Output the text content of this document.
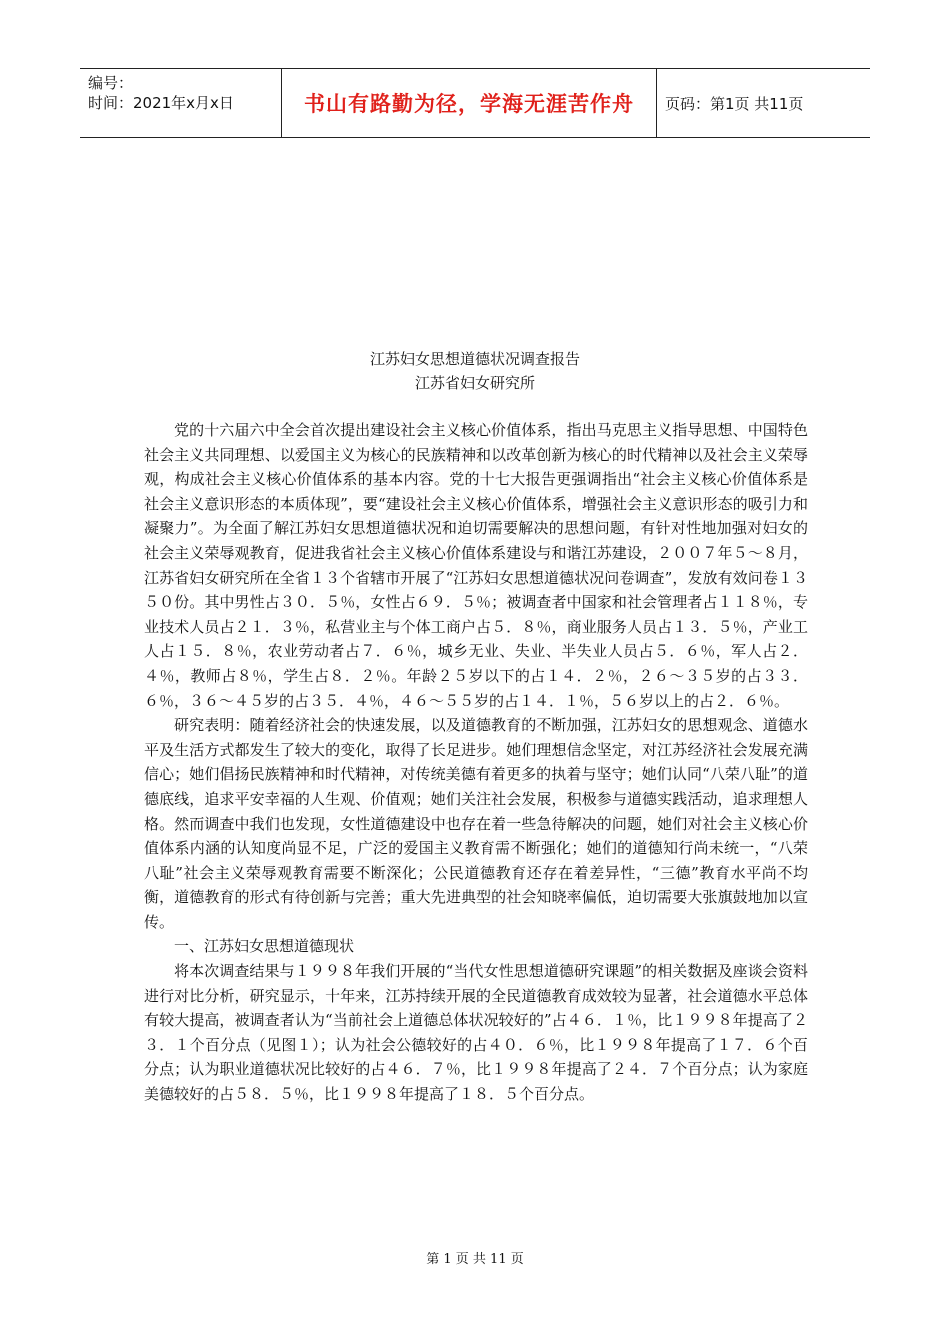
编号：
时间：2021年x月x日	书山有路勤为径，学海无涯苦作舟	页码：第1页 共11页
江苏妇女思想道德状况调查报告
江苏省妇女研究所

党的十六届六中全会首次提出建设社会主义核心价值体系，指出马克思主义指导思想、中国特色社会主义共同理想、以爱国主义为核心的民族精神和以改革创新为核心的时代精神以及社会主义荣辱观，构成社会主义核心价值体系的基本内容。党的十七大报告更强调指出“社会主义核心价值体系是社会主义意识形态的本质体现”，要“建设社会主义核心价值体系，增强社会主义意识形态的吸引力和凝聚力”。为全面了解江苏妇女思想道德状况和迫切需要解决的思想问题，有针对性地加强对妇女的社会主义荣辱观教育，促进我省社会主义核心价值体系建设与和谐江苏建设，２００７年５～８月，江苏省妇女研究所在全省１３个省辖市开展了“江苏妇女思想道德状况问卷调查”，发放有效问卷１３５０份。其中男性占３０．５％，女性占６９．５％；被调查者中国家和社会管理者占１１８％，专业技术人员占２１．３％，私营业主与个体工商户占５．８％，商业服务人员占１３．５％，产业工人占１５．８％，农业劳动者占７．６％，城乡无业、失业、半失业人员占５．６％，军人占２．４％，教师占８％，学生占８．２％。年龄２５岁以下的占１４．２％，２６～３５岁的占３３．６％，３６～４５岁的占３５．４％，４６～５５岁的占１４．１％，５６岁以上的占２．６％。

研究表明：随着经济社会的快速发展，以及道德教育的不断加强，江苏妇女的思想观念、道德水平及生活方式都发生了较大的变化，取得了长足进步。她们理想信念坚定，对江苏经济社会发展充满信心；她们倡扬民族精神和时代精神，对传统美德有着更多的执着与坚守；她们认同“八荣八耻”的道德底线，追求平安幸福的人生观、价值观；她们关注社会发展，积极参与道德实践活动，追求理想人格。然而调查中我们也发现，女性道德建设中也存在着一些急待解决的问题，她们对社会主义核心价值体系内涵的认知度尚显不足，广泛的爱国主义教育需不断强化；她们的道德知行尚未统一，“八荣八耻”社会主义荣辱观教育需要不断深化；公民道德教育还存在着差异性，“三德”教育水平尚不均衡，道德教育的形式有待创新与完善；重大先进典型的社会知晓率偏低，迫切需要大张旗鼓地加以宣传。

一、江苏妇女思想道德现状

将本次调查结果与１９９８年我们开展的“当代女性思想道德研究课题”的相关数据及座谈会资料进行对比分析，研究显示，十年来，江苏持续开展的全民道德教育成效较为显著，社会道德水平总体有较大提高，被调查者认为“当前社会上道德总体状况较好的”占４６．１％，比１９９８年提高了２３．１个百分点（见图１）；认为社会公德较好的占４０．６％，比１９９８年提高了１７．６个百分点；认为职业道德状况比较好的占４６．７％，比１９９８年提高了２４．７个百分点；认为家庭美德较好的占５８．５％，比１９９８年提高了１８．５个百分点。

第 1 页 共 11 页
